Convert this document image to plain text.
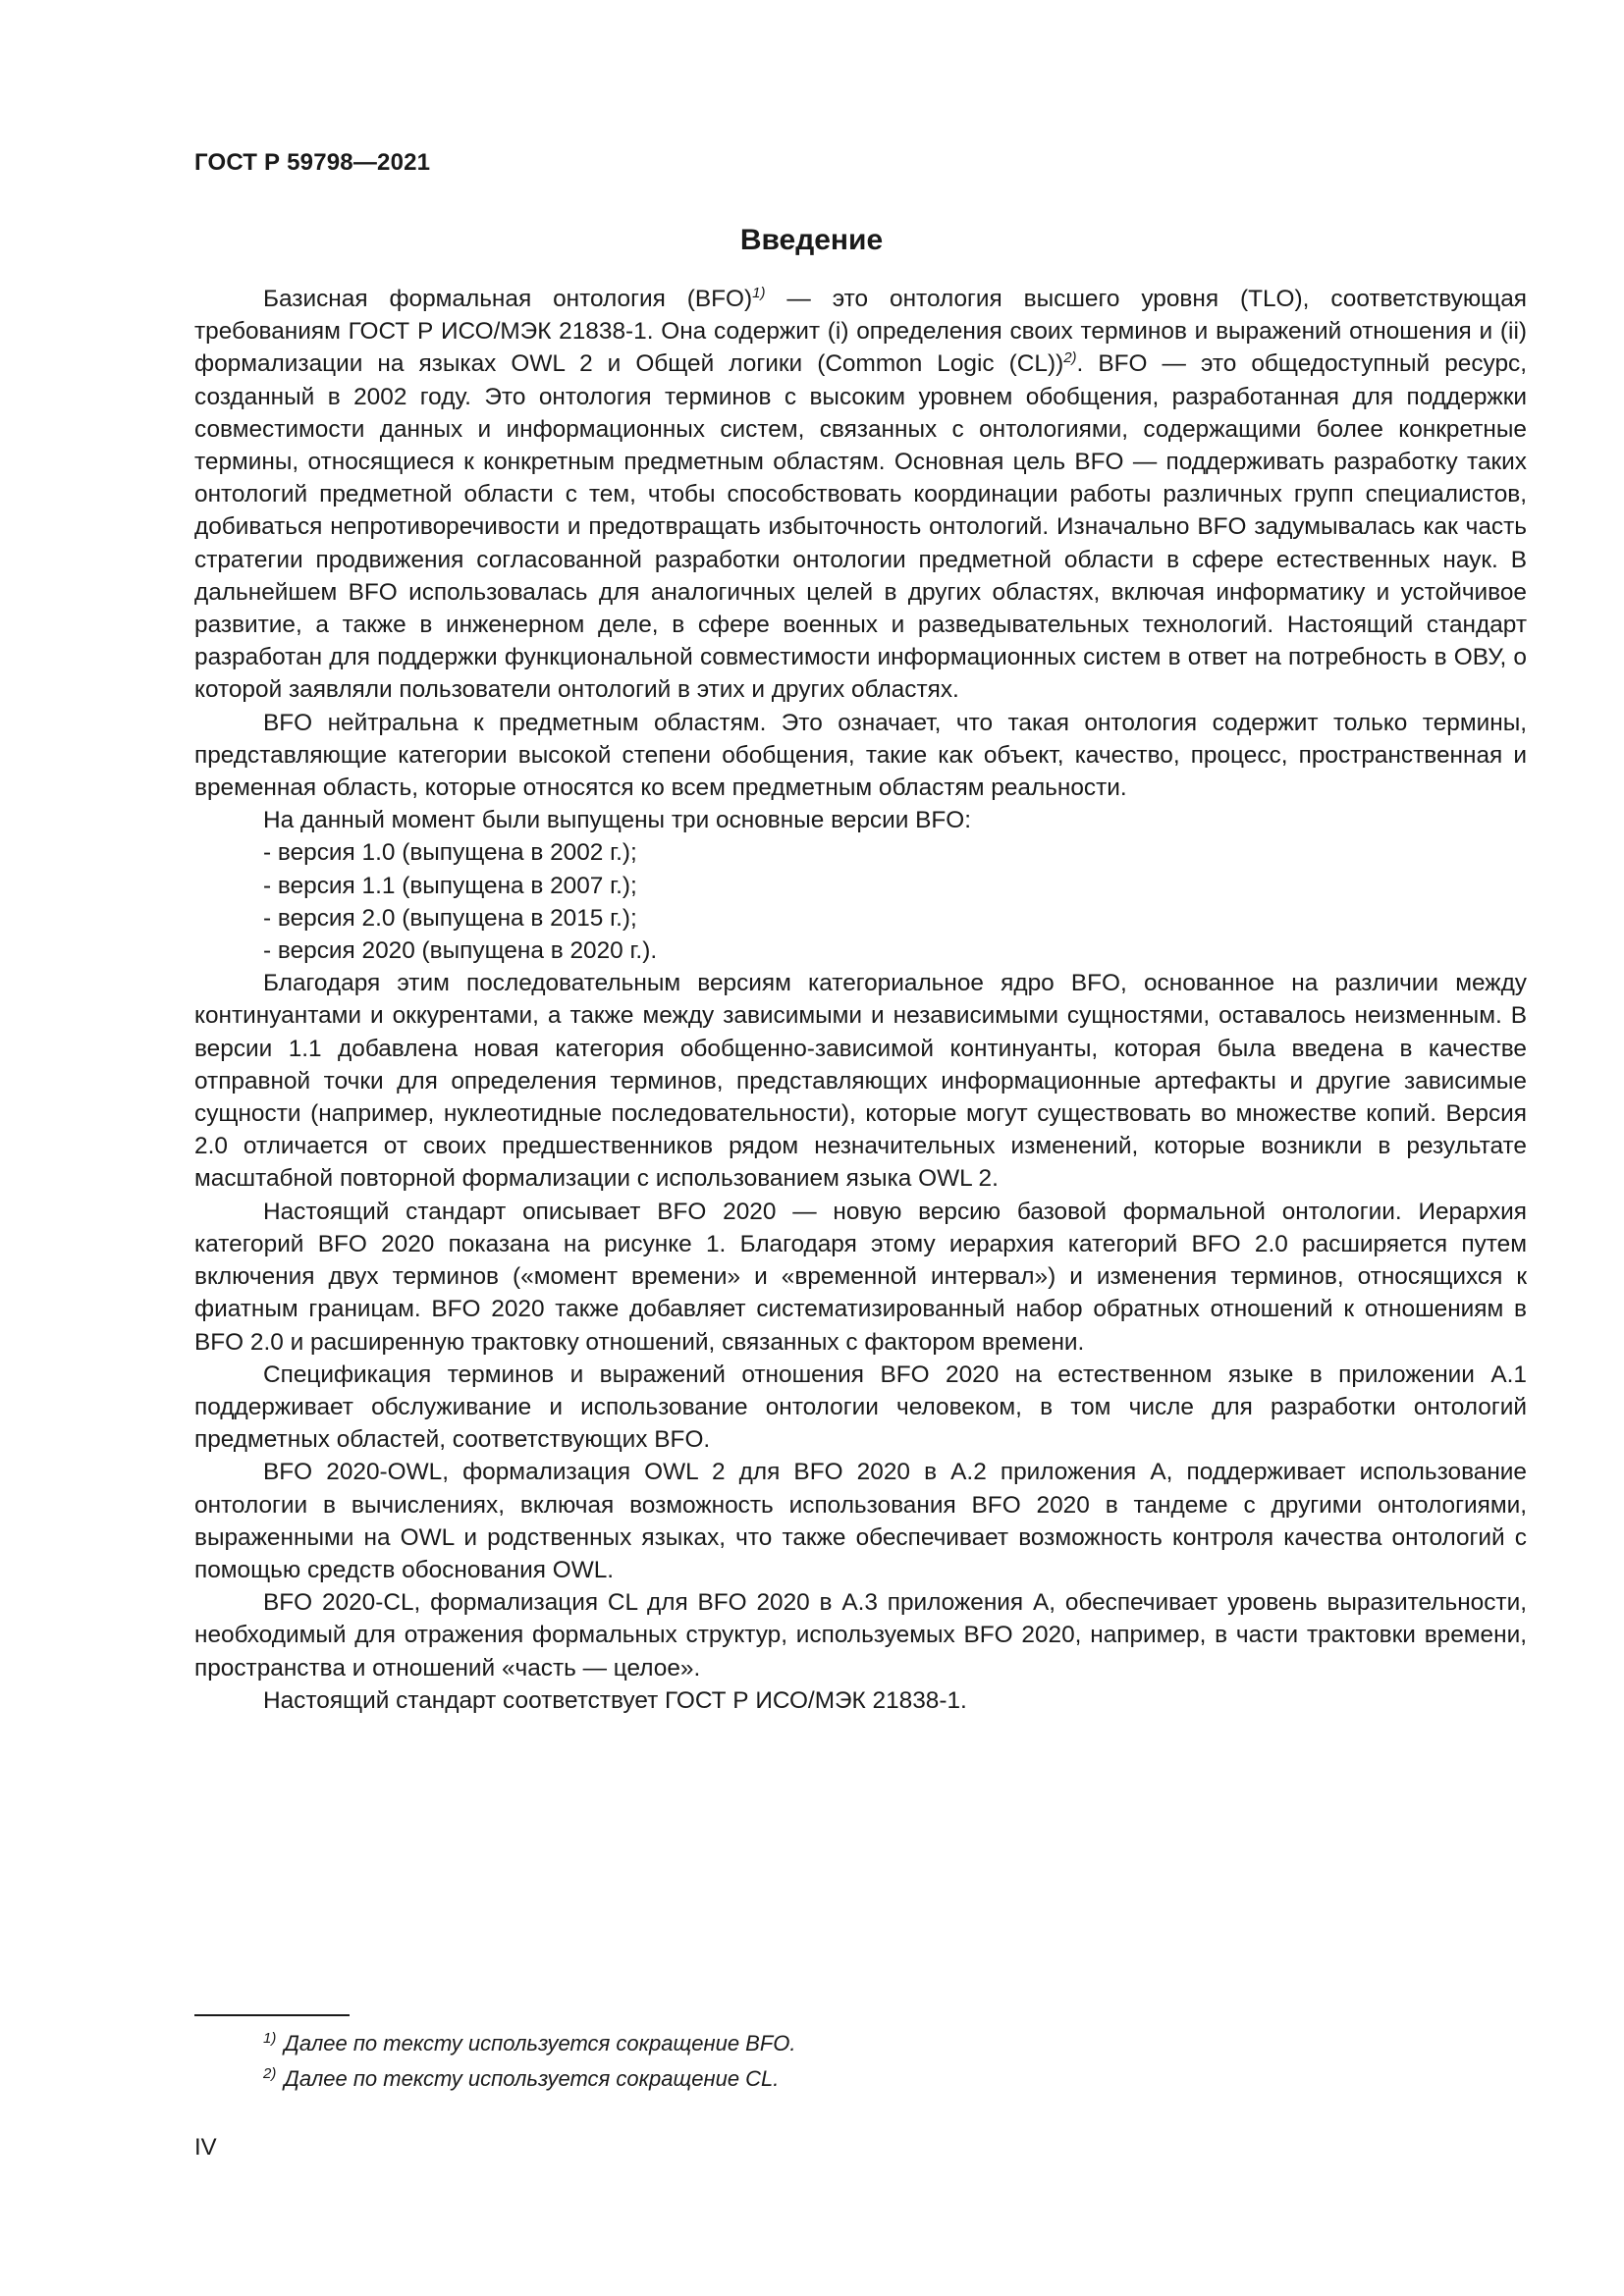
ГОСТ Р 59798—2021
Введение

Базисная формальная онтология (BFO)$^{1)}$ — это онтология высшего уровня (TLO), соответствующая требованиям ГОСТ Р ИСО/МЭК 21838-1. Она содержит (i) определения своих терминов и выражений отношения и (ii) формализации на языках OWL 2 и Общей логики (Common Logic (CL))$^{2)}$. BFO — это общедоступный ресурс, созданный в 2002 году. Это онтология терминов с высоким уровнем обобщения, разработанная для поддержки совместимости данных и информационных систем, связанных с онтологиями, содержащими более конкретные термины, относящиеся к конкретным предметным областям. Основная цель BFO — поддерживать разработку таких онтологий предметной области с тем, чтобы способствовать координации работы различных групп специалистов, добиваться непротиворечивости и предотвращать избыточность онтологий. Изначально BFO задумывалась как часть стратегии продвижения согласованной разработки онтологии предметной области в сфере естественных наук. В дальнейшем BFO использовалась для аналогичных целей в других областях, включая информатику и устойчивое развитие, а также в инженерном деле, в сфере военных и разведывательных технологий. Настоящий стандарт разработан для поддержки функциональной совместимости информационных систем в ответ на потребность в ОВУ, о которой заявляли пользователи онтологий в этих и других областях.

BFO нейтральна к предметным областям. Это означает, что такая онтология содержит только термины, представляющие категории высокой степени обобщения, такие как объект, качество, процесс, пространственная и временная область, которые относятся ко всем предметным областям реальности.

На данный момент были выпущены три основные версии BFO:

- версия 1.0 (выпущена в 2002 г.);

- версия 1.1 (выпущена в 2007 г.);

- версия 2.0 (выпущена в 2015 г.);

- версия 2020 (выпущена в 2020 г.).

Благодаря этим последовательным версиям категориальное ядро BFO, основанное на различии между континуантами и оккурентами, а также между зависимыми и независимыми сущностями, оставалось неизменным. В версии 1.1 добавлена новая категория обобщенно-зависимой континуанты, которая была введена в качестве отправной точки для определения терминов, представляющих информационные артефакты и другие зависимые сущности (например, нуклеотидные последовательности), которые могут существовать во множестве копий. Версия 2.0 отличается от своих предшественников рядом незначительных изменений, которые возникли в результате масштабной повторной формализации с использованием языка OWL 2.

Настоящий стандарт описывает BFO 2020 — новую версию базовой формальной онтологии. Иерархия категорий BFO 2020 показана на рисунке 1. Благодаря этому иерархия категорий BFO 2.0 расширяется путем включения двух терминов («момент времени» и «временной интервал») и изменения терминов, относящихся к фиатным границам. BFO 2020 также добавляет систематизированный набор обратных отношений к отношениям в BFO 2.0 и расширенную трактовку отношений, связанных с фактором времени.

Спецификация терминов и выражений отношения BFO 2020 на естественном языке в приложении А.1 поддерживает обслуживание и использование онтологии человеком, в том числе для разработки онтологий предметных областей, соответствующих BFO.

BFO 2020-OWL, формализация OWL 2 для BFO 2020 в А.2 приложения А, поддерживает использование онтологии в вычислениях, включая возможность использования BFO 2020 в тандеме с другими онтологиями, выраженными на OWL и родственных языках, что также обеспечивает возможность контроля качества онтологий с помощью средств обоснования OWL.

BFO 2020-CL, формализация CL для BFO 2020 в А.3 приложения А, обеспечивает уровень выразительности, необходимый для отражения формальных структур, используемых BFO 2020, например, в части трактовки времени, пространства и отношений «часть — целое».

Настоящий стандарт соответствует ГОСТ Р ИСО/МЭК 21838-1.

$^{1)}$ Далее по тексту используется сокращение BFO.
$^{2)}$ Далее по тексту используется сокращение CL.
IV
